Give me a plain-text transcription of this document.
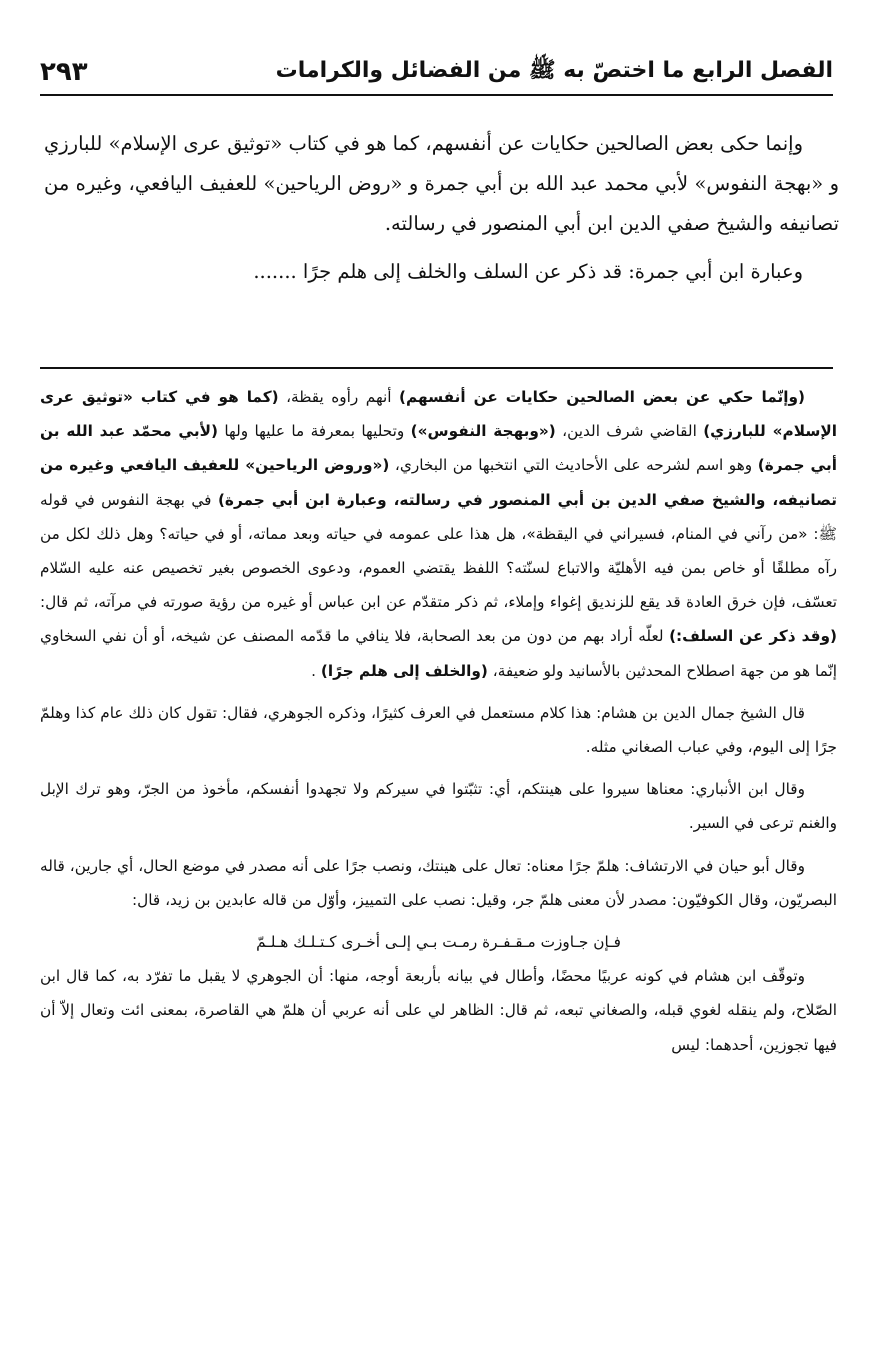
الفصل الرابع ما اختصّ به ﷺ من الفضائل والكرامات
٢٩٣

وإنما حكى بعض الصالحين حكايات عن أنفسهم، كما هو في كتاب «توثيق عرى الإسلام» للبارزي و «بهجة النفوس» لأبي محمد عبد الله بن أبي جمرة و «روض الرياحين» للعفيف اليافعي، وغيره من تصانيفه والشيخ صفي الدين ابن أبي المنصور في رسالته.

وعبارة ابن أبي جمرة: قد ذكر عن السلف والخلف إلى هلم جرًا .......

(وإنّما حكي عن بعض الصالحين حكايات عن أنفسهم) أنهم رأوه يقظة، (كما هو في كتاب «توثيق عرى الإسلام» للبارزي) القاضي شرف الدين، («وبهجة النفوس») وتحليها بمعرفة ما عليها ولها (لأبي محمّد عبد الله بن أبي جمرة) وهو اسم لشرحه على الأحاديث التي انتخبها من البخاري، («وروض الرياحين» للعفيف اليافعي وغيره من تصانيفه، والشيخ صفي الدين بن أبي المنصور في رسالته، وعبارة ابن أبي جمرة) في بهجة النفوس في قوله ﷺ: «من رآني في المنام، فسيراني في اليقظة»، هل هذا على عمومه في حياته وبعد مماته، أو في حياته؟ وهل ذلك لكل من رآه مطلقًا أو خاص بمن فيه الأهليّة والاتباع لسنّته؟ اللفظ يقتضي العموم، ودعوى الخصوص بغير تخصيص عنه عليه السّلام تعسّف، فإن خرق العادة قد يقع للزنديق إغواء وإملاء، ثم ذكر متقدّم عن ابن عباس أو غيره من رؤية صورته في مرآته، ثم قال: (وقد ذكر عن السلف:) لعلّه أراد بهم من دون من بعد الصحابة، فلا ينافي ما قدّمه المصنف عن شيخه، أو أن نفي السخاوي إنّما هو من جهة اصطلاح المحدثين بالأسانيد ولو ضعيفة، (والخلف إلى هلم جرًا) .

قال الشيخ جمال الدين بن هشام: هذا كلام مستعمل في العرف كثيرًا، وذكره الجوهري، فقال: تقول كان ذلك عام كذا وهلمّ جرًا إلى اليوم، وفي عباب الصغاني مثله.

وقال ابن الأنباري: معناها سيروا على هينتكم، أي: تثبّتوا في سيركم ولا تجهدوا أنفسكم، مأخوذ من الجرّ، وهو ترك الإبل والغنم ترعى في السير.

وقال أبو حيان في الارتشاف: هلمّ جرًا معناه: تعال على هينتك، ونصب جرًا على أنه مصدر في موضع الحال، أي جارين، قاله البصريّون، وقال الكوفيّون: مصدر لأن معنى هلمّ جر، وقيل: نصب على التمييز، وأوّل من قاله عابدين بن زيد، قال:

فـإن جـاوزت مـقـفـرة رمـت بـي إلـى أخـرى كـتـلـك هـلـمّ

وتوقّف ابن هشام في كونه عربيًا محضًا، وأطال في بيانه بأربعة أوجه، منها: أن الجوهري لا يقبل ما تفرّد به، كما قال ابن الصّلاح، ولم ينقله لغوي قبله، والصغاني تبعه، ثم قال: الظاهر لي على أنه عربي أن هلمّ هي القاصرة، بمعنى ائت وتعال إلاّ أن فيها تجوزين، أحدهما: ليس
